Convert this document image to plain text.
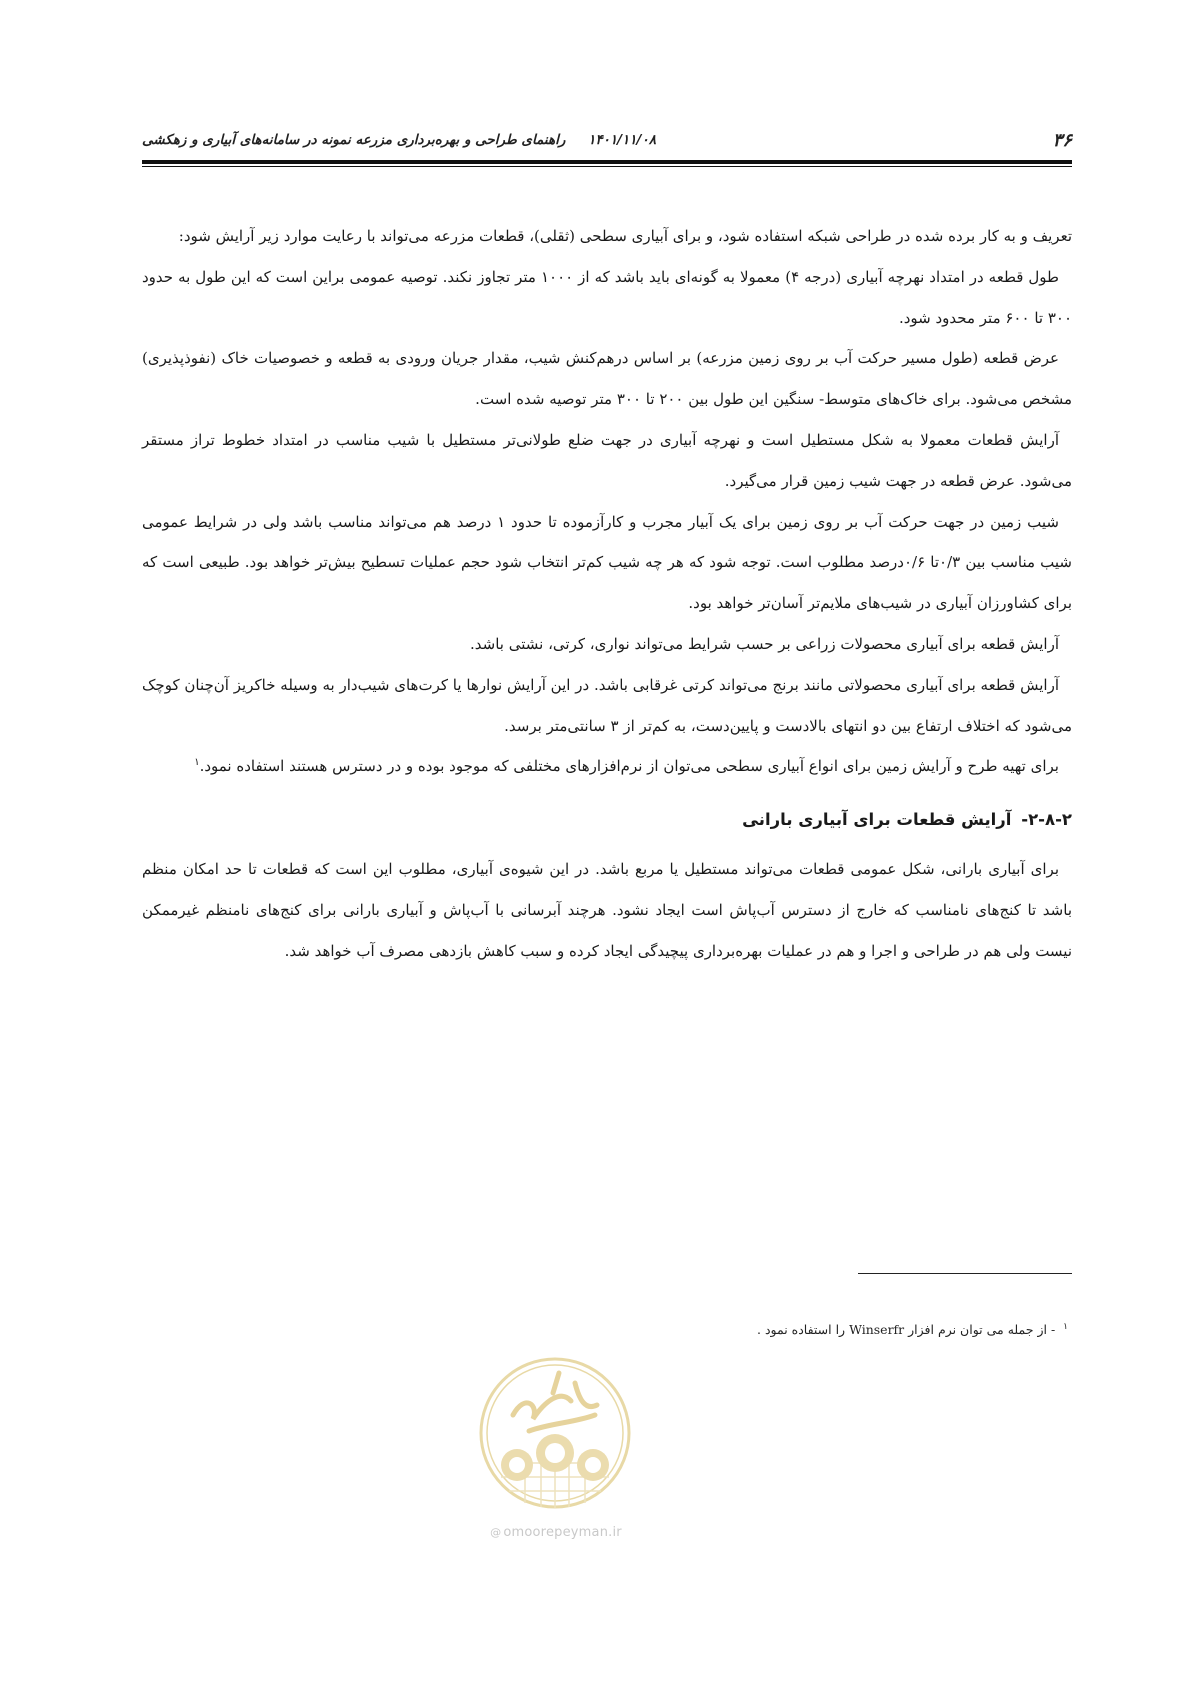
۳۶
۱۴۰۱/۱۱/۰۸ راهنمای طراحی و بهره‌برداری مزرعه نمونه در سامانه‌های آبیاری و زهکشی

تعریف و به کار برده شده در طراحی شبکه استفاده شود، و برای آبیاری سطحی (ثقلی)، قطعات مزرعه می‌تواند با رعایت موارد زیر آرایش شود:

طول قطعه در امتداد نهرچه آبیاری (درجه ۴) معمولا به گونه‌ای باید باشد که از ۱۰۰۰ متر تجاوز نکند. توصیه عمومی براین است که این طول به حدود ۳۰۰ تا ۶۰۰ متر محدود شود.

عرض قطعه (طول مسیر حرکت آب بر روی زمین مزرعه) بر اساس درهم‌کنش شیب، مقدار جریان ورودی به قطعه و خصوصیات خاک (نفوذپذیری) مشخص می‌شود. برای خاک‌های متوسط- سنگین این طول بین ۲۰۰ تا ۳۰۰ متر توصیه شده است.

آرایش قطعات معمولا به شکل مستطیل است و نهرچه آبیاری در جهت ضلع طولانی‌تر مستطیل با شیب مناسب در امتداد خطوط تراز مستقر می‌شود. عرض قطعه در جهت شیب زمین قرار می‌گیرد.

شیب زمین در جهت حرکت آب بر روی زمین برای یک آبیار مجرب و کارآزموده تا حدود ۱ درصد هم می‌تواند مناسب باشد ولی در شرایط عمومی شیب مناسب بین ۰/۳تا ۰/۶درصد مطلوب است. توجه شود که هر چه شیب کم‌تر انتخاب شود حجم عملیات تسطیح بیش‌تر خواهد بود. طبیعی است که برای کشاورزان آبیاری در شیب‌های ملایم‌تر آسان‌تر خواهد بود.

آرایش قطعه برای آبیاری محصولات زراعی بر حسب شرایط می‌تواند نواری، کرتی، نشتی باشد.

آرایش قطعه برای آبیاری محصولاتی مانند برنج می‌تواند کرتی غرقابی باشد. در این آرایش نوارها یا کرت‌های شیب‌دار به وسیله خاکریز آن‌چنان کوچک می‌شود که اختلاف ارتفاع بین دو انتهای بالادست و پایین‌دست، به کم‌تر از ۳ سانتی‌متر برسد.

برای تهیه طرح و آرایش زمین برای انواع آبیاری سطحی می‌توان از نرم‌افزارهای مختلفی که موجود بوده و در دسترس هستند استفاده نمود.$^۱$

۲-۸-۲- آرایش قطعات برای آبیاری بارانی

برای آبیاری بارانی، شکل عمومی قطعات می‌تواند مستطیل یا مربع باشد. در این شیوه‌ی آبیاری، مطلوب این است که قطعات تا حد امکان منظم باشد تا کنج‌های نامناسب که خارج از دسترس آب‌پاش است ایجاد نشود. هرچند آبرسانی با آب‌پاش و آبیاری بارانی برای کنج‌های نامنظم غیرممکن نیست ولی هم در طراحی و اجرا و هم در عملیات بهره‌برداری پیچیدگی ایجاد کرده و سبب کاهش بازدهی مصرف آب خواهد شد.

$^۱$ - از جمله می توان نرم افزار Winserfr را استفاده نمود .
@ omoorepeyman.ir
